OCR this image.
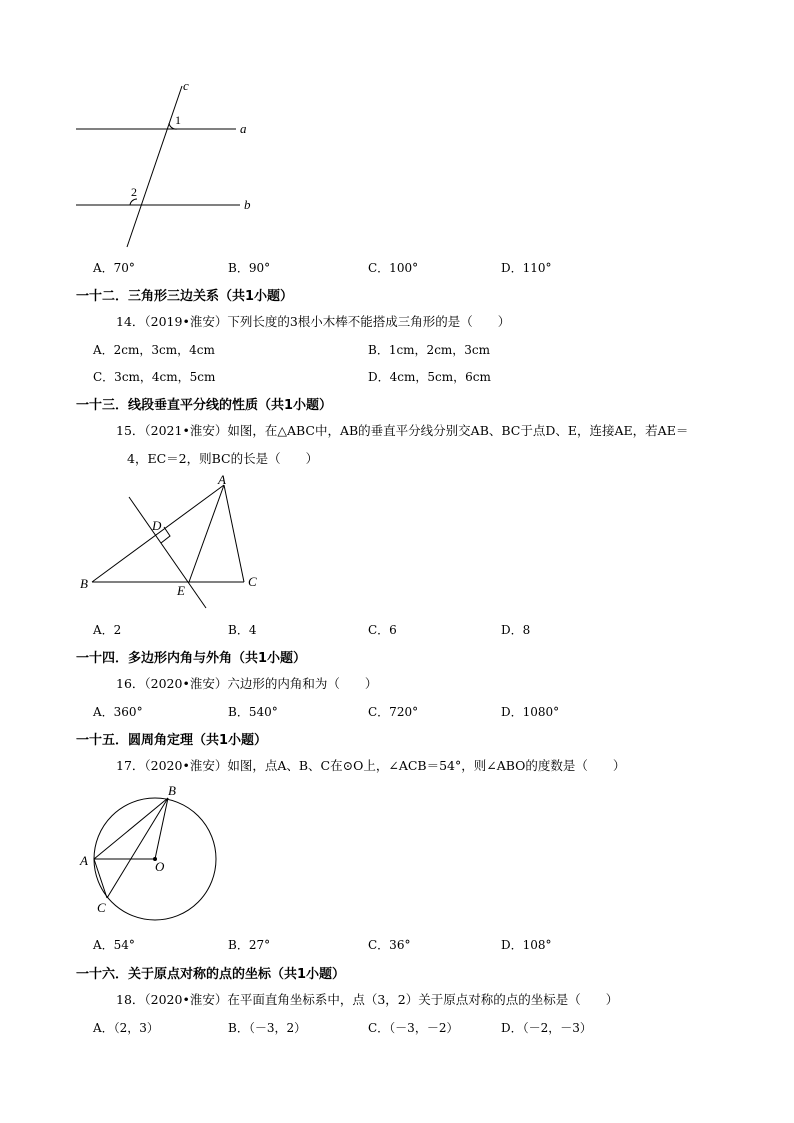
c
a
b
1
2
A．70°	B．90°	C．100°	D．110°
一十二．三角形三边关系（共1小题）
14．（2019•淮安）下列长度的3根小木棒不能搭成三角形的是（　　）
A．2cm，3cm，4cm	B．1cm，2cm，3cm
C．3cm，4cm，5cm	D．4cm，5cm，6cm
一十三．线段垂直平分线的性质（共1小题）
15．（2021•淮安）如图，在△ABC中，AB的垂直平分线分别交AB、BC于点D、E，连接AE，若AE＝
4，EC＝2，则BC的长是（　　）
A
B	C
D
E
A．2	B．4	C．6	D．8
一十四．多边形内角与外角（共1小题）
16．（2020•淮安）六边形的内角和为（　　）
A．360°	B．540°	C．720°	D．1080°
一十五．圆周角定理（共1小题）
17．（2020•淮安）如图，点A、B、C在⊙O上，∠ACB＝54°，则∠ABO的度数是（　　）
A
B
C
O
A．54°	B．27°	C．36°	D．108°
一十六．关于原点对称的点的坐标（共1小题）
18．（2020•淮安）在平面直角坐标系中，点（3，2）关于原点对称的点的坐标是（　　）
A．（2，3）	B．（－3，2）	C．（－3，－2）	D．（－2，－3）
